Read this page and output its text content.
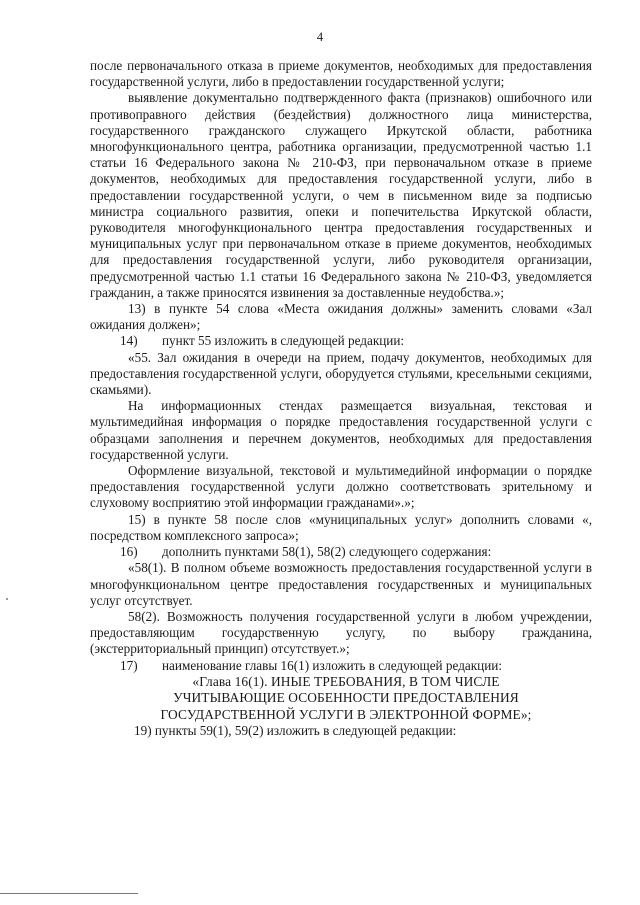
4

после первоначального отказа в приеме документов, необходимых для предоставления государственной услуги, либо в предоставлении государственной услуги;

выявление документально подтвержденного факта (признаков) ошибочного или противоправного действия (бездействия) должностного лица министерства, государственного гражданского служащего Иркутской области, работника многофункционального центра, работника организации, предусмотренной частью 1.1 статьи 16 Федерального закона № 210-ФЗ, при первоначальном отказе в приеме документов, необходимых для предоставления государственной услуги, либо в предоставлении государственной услуги, о чем в письменном виде за подписью министра социального развития, опеки и попечительства Иркутской области, руководителя многофункционального центра предоставления государственных и муниципальных услуг при первоначальном отказе в приеме документов, необходимых для предоставления государственной услуги, либо руководителя организации, предусмотренной частью 1.1 статьи 16 Федерального закона № 210-ФЗ, уведомляется гражданин, а также приносятся извинения за доставленные неудобства.»;

13) в пункте 54 слова «Места ожидания должны» заменить словами «Зал ожидания должен»;

14) пункт 55 изложить в следующей редакции:

«55. Зал ожидания в очереди на прием, подачу документов, необходимых для предоставления государственной услуги, оборудуется стульями, кресельными секциями, скамьями).

На информационных стендах размещается визуальная, текстовая и мультимедийная информация о порядке предоставления государственной услуги с образцами заполнения и перечнем документов, необходимых для предоставления государственной услуги.

Оформление визуальной, текстовой и мультимедийной информации о порядке предоставления государственной услуги должно соответствовать зрительному и слуховому восприятию этой информации гражданами».»;

15) в пункте 58 после слов «муниципальных услуг» дополнить словами «, посредством комплексного запроса»;

16) дополнить пунктами 58(1), 58(2) следующего содержания:

«58(1). В полном объеме возможность предоставления государственной услуги в многофункциональном центре предоставления государственных и муниципальных услуг отсутствует.

58(2). Возможность получения государственной услуги в любом учреждении, предоставляющим государственную услугу, по выбору гражданина, (экстерриториальный принцип) отсутствует.»;

17) наименование главы 16(1) изложить в следующей редакции:

«Глава 16(1). ИНЫЕ ТРЕБОВАНИЯ, В ТОМ ЧИСЛЕ

УЧИТЫВАЮЩИЕ ОСОБЕННОСТИ ПРЕДОСТАВЛЕНИЯ

ГОСУДАРСТВЕННОЙ УСЛУГИ В ЭЛЕКТРОННОЙ ФОРМЕ»;

19) пункты 59(1), 59(2) изложить в следующей редакции:
